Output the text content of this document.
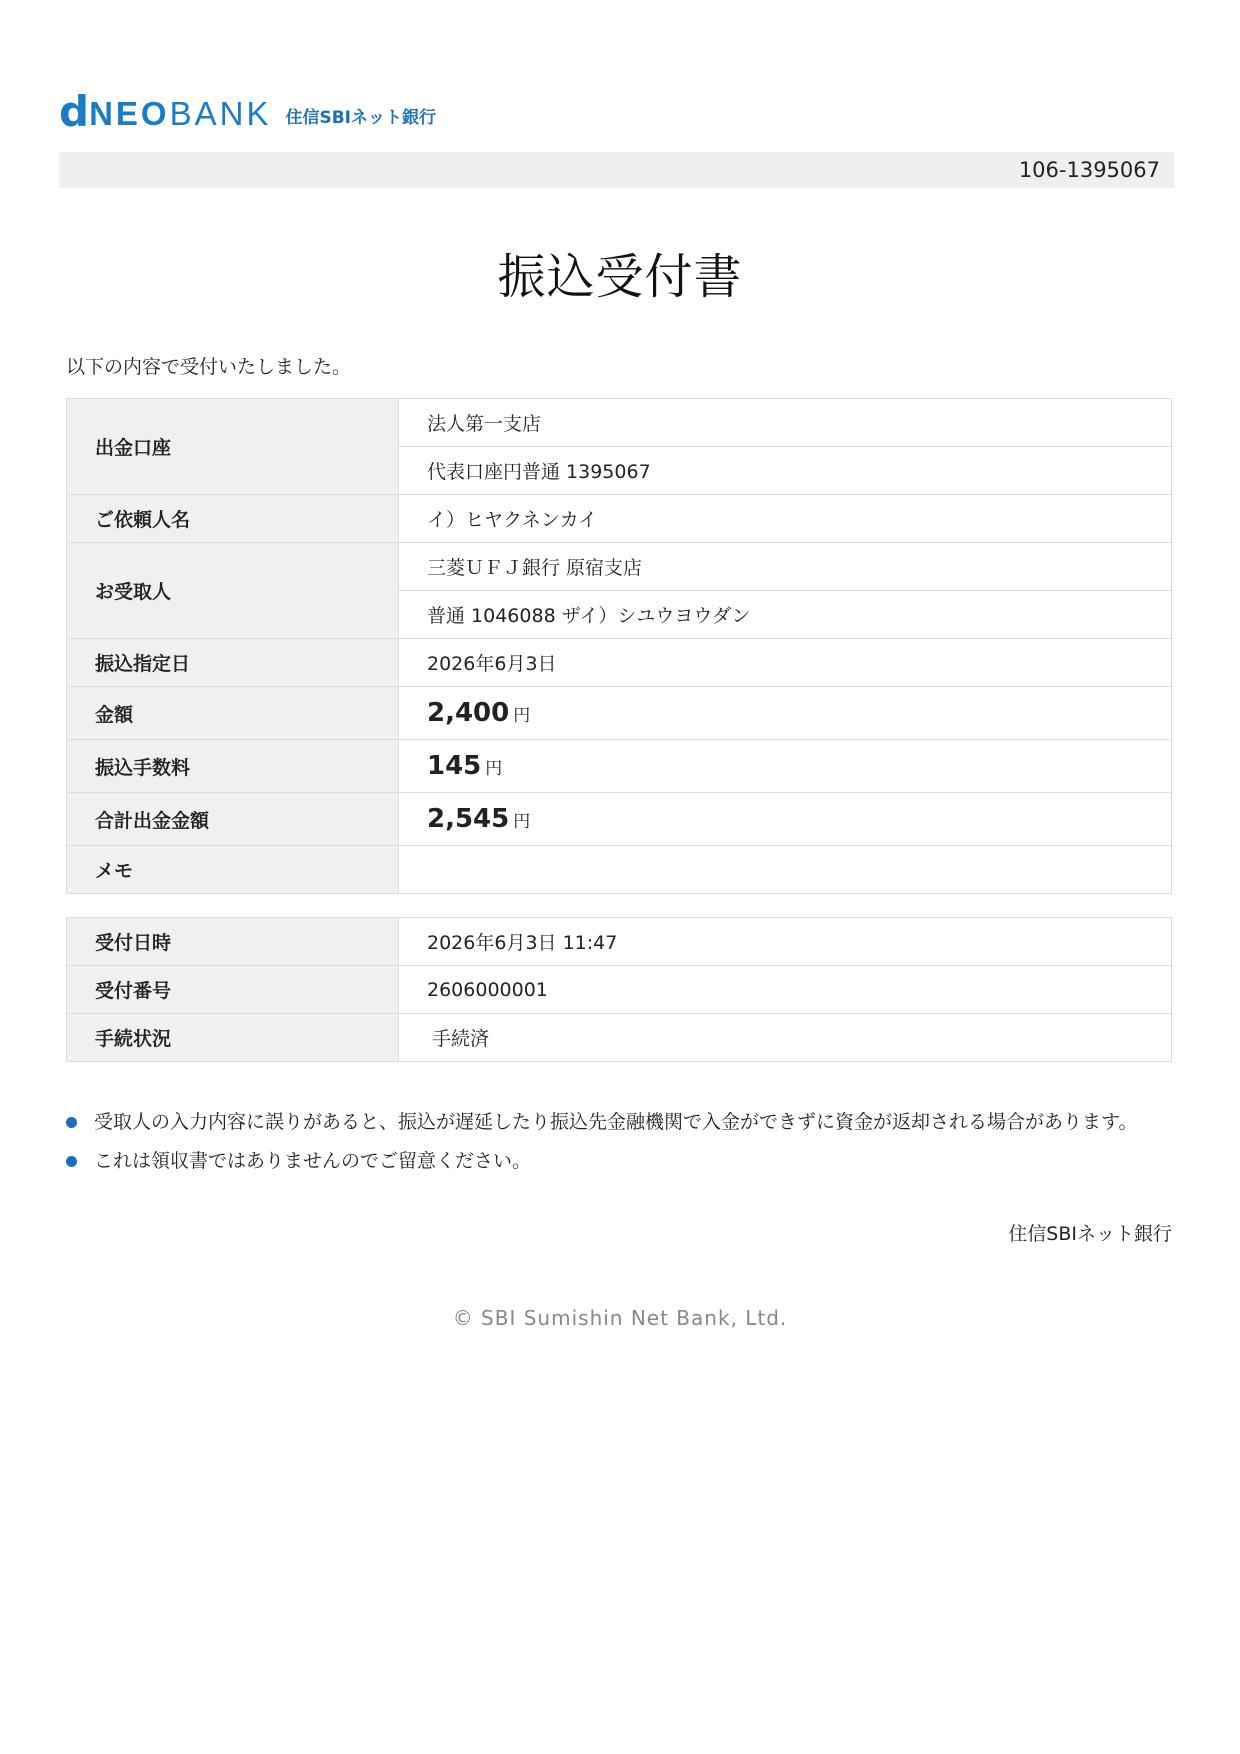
d NEO BANK 住信SBIネット銀行
106-1395067
振込受付書
以下の内容で受付いたしました。
出金口座	法人第一支店
	代表口座円普通 1395067
ご依頼人名	イ）ヒヤクネンカイ
お受取人	三菱ＵＦＪ銀行 原宿支店
	普通 1046088 ザイ）シユウヨウダン
振込指定日	2026年6月3日
金額	2,400 円
振込手数料	145 円
合計出金金額	2,545 円
メモ	
受付日時	2026年6月3日 11:47
受付番号	2606000001
手続状況	手続済
受取人の入力内容に誤りがあると、振込が遅延したり振込先金融機関で入金ができずに資金が返却される場合があります。
これは領収書ではありませんのでご留意ください。
住信SBIネット銀行
© SBI Sumishin Net Bank, Ltd.
